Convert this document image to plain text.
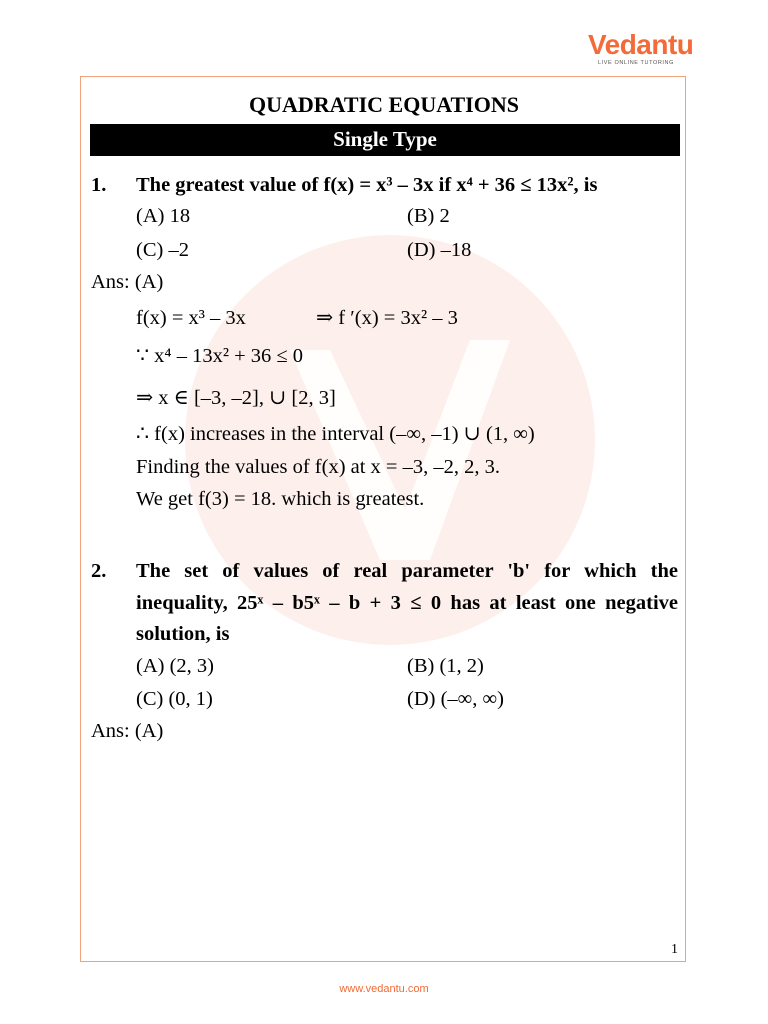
Vedantu
LIVE ONLINE TUTORING
QUADRATIC EQUATIONS
Single Type
1. The greatest value of f(x) = x³ – 3x if x⁴ + 36 ≤ 13x², is
(A) 18	(B) 2
(C) –2	(D) –18
Ans: (A)
f(x) = x³ – 3x	⇒ f ′(x) = 3x² – 3
∵ x⁴ – 13x² + 36 ≤ 0
⇒ x ∈ [–3, –2], ∪ [2, 3]
∴ f(x) increases in the interval (–∞, –1) ∪ (1, ∞)
Finding the values of f(x) at x = –3, –2, 2, 3.
We get f(3) = 18. which is greatest.
2. The set of values of real parameter 'b' for which the
inequality, 25ˣ – b5ˣ – b + 3 ≤ 0 has at least one negative
solution, is
(A) (2, 3)	(B) (1, 2)
(C) (0, 1)	(D) (–∞, ∞)
Ans: (A)
1
www.vedantu.com
